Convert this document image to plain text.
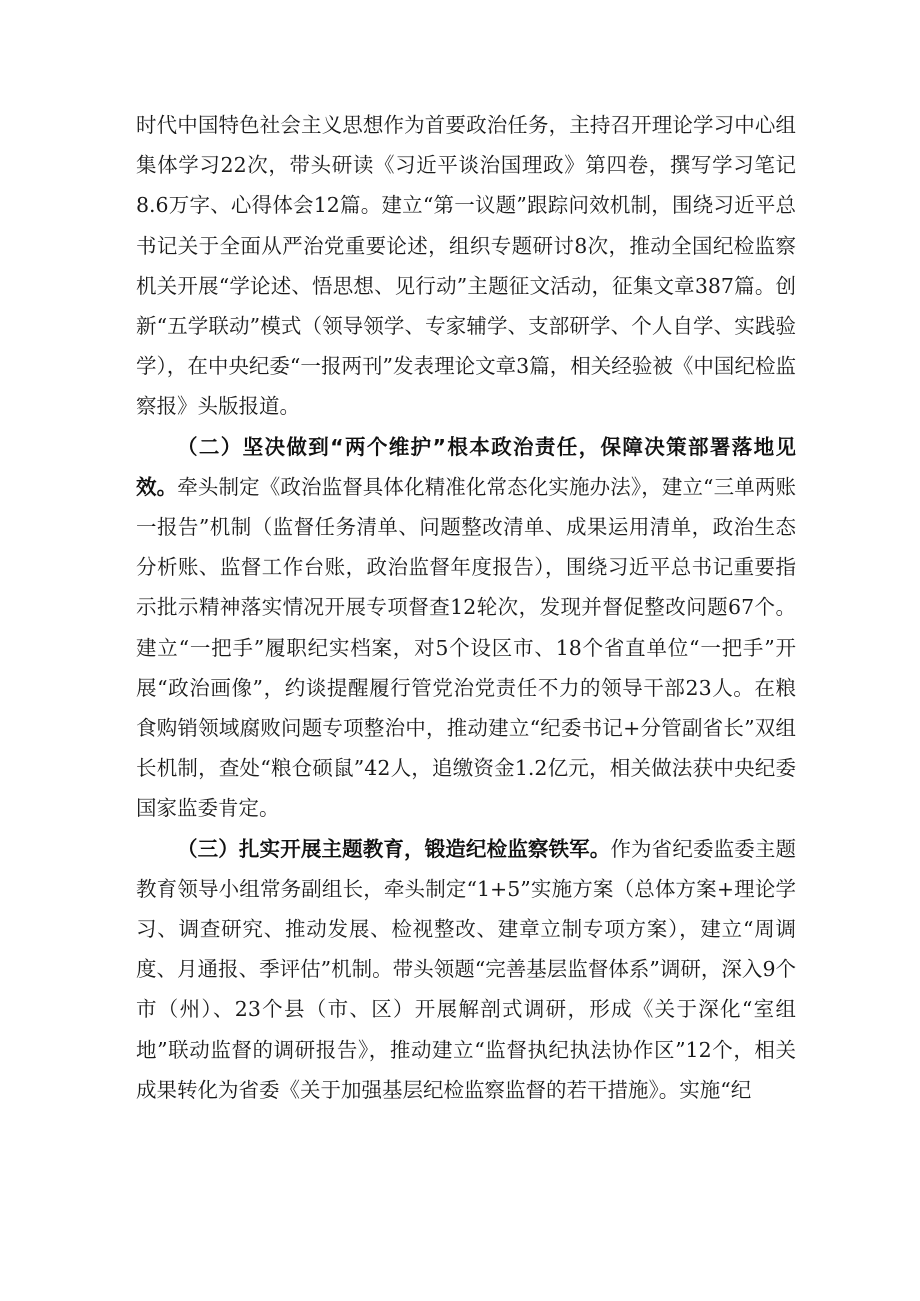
时代中国特色社会主义思想作为首要政治任务，主持召开理论学习中心组集体学习22次，带头研读《习近平谈治国理政》第四卷，撰写学习笔记8.6万字、心得体会12篇。建立“第一议题”跟踪问效机制，围绕习近平总书记关于全面从严治党重要论述，组织专题研讨8次，推动全国纪检监察机关开展“学论述、悟思想、见行动”主题征文活动，征集文章387篇。创新“五学联动”模式（领导领学、专家辅学、支部研学、个人自学、实践验学），在中央纪委“一报两刊”发表理论文章3篇，相关经验被《中国纪检监察报》头版报道。

（二）坚决做到“两个维护”根本政治责任，保障决策部署落地见效。牵头制定《政治监督具体化精准化常态化实施办法》，建立“三单两账一报告”机制（监督任务清单、问题整改清单、成果运用清单，政治生态分析账、监督工作台账，政治监督年度报告），围绕习近平总书记重要指示批示精神落实情况开展专项督查12轮次，发现并督促整改问题67个。建立“一把手”履职纪实档案，对5个设区市、18个省直单位“一把手”开展“政治画像”，约谈提醒履行管党治党责任不力的领导干部23人。在粮食购销领域腐败问题专项整治中，推动建立“纪委书记+分管副省长”双组长机制，查处“粮仓硕鼠”42人，追缴资金1.2亿元，相关做法获中央纪委国家监委肯定。

（三）扎实开展主题教育，锻造纪检监察铁军。作为省纪委监委主题教育领导小组常务副组长，牵头制定“1+5”实施方案（总体方案+理论学习、调查研究、推动发展、检视整改、建章立制专项方案），建立“周调度、月通报、季评估”机制。带头领题“完善基层监督体系”调研，深入9个市（州）、23个县（市、区）开展解剖式调研，形成《关于深化“室组地”联动监督的调研报告》，推动建立“监督执纪执法协作区”12个，相关成果转化为省委《关于加强基层纪检监察监督的若干措施》。实施“纪
